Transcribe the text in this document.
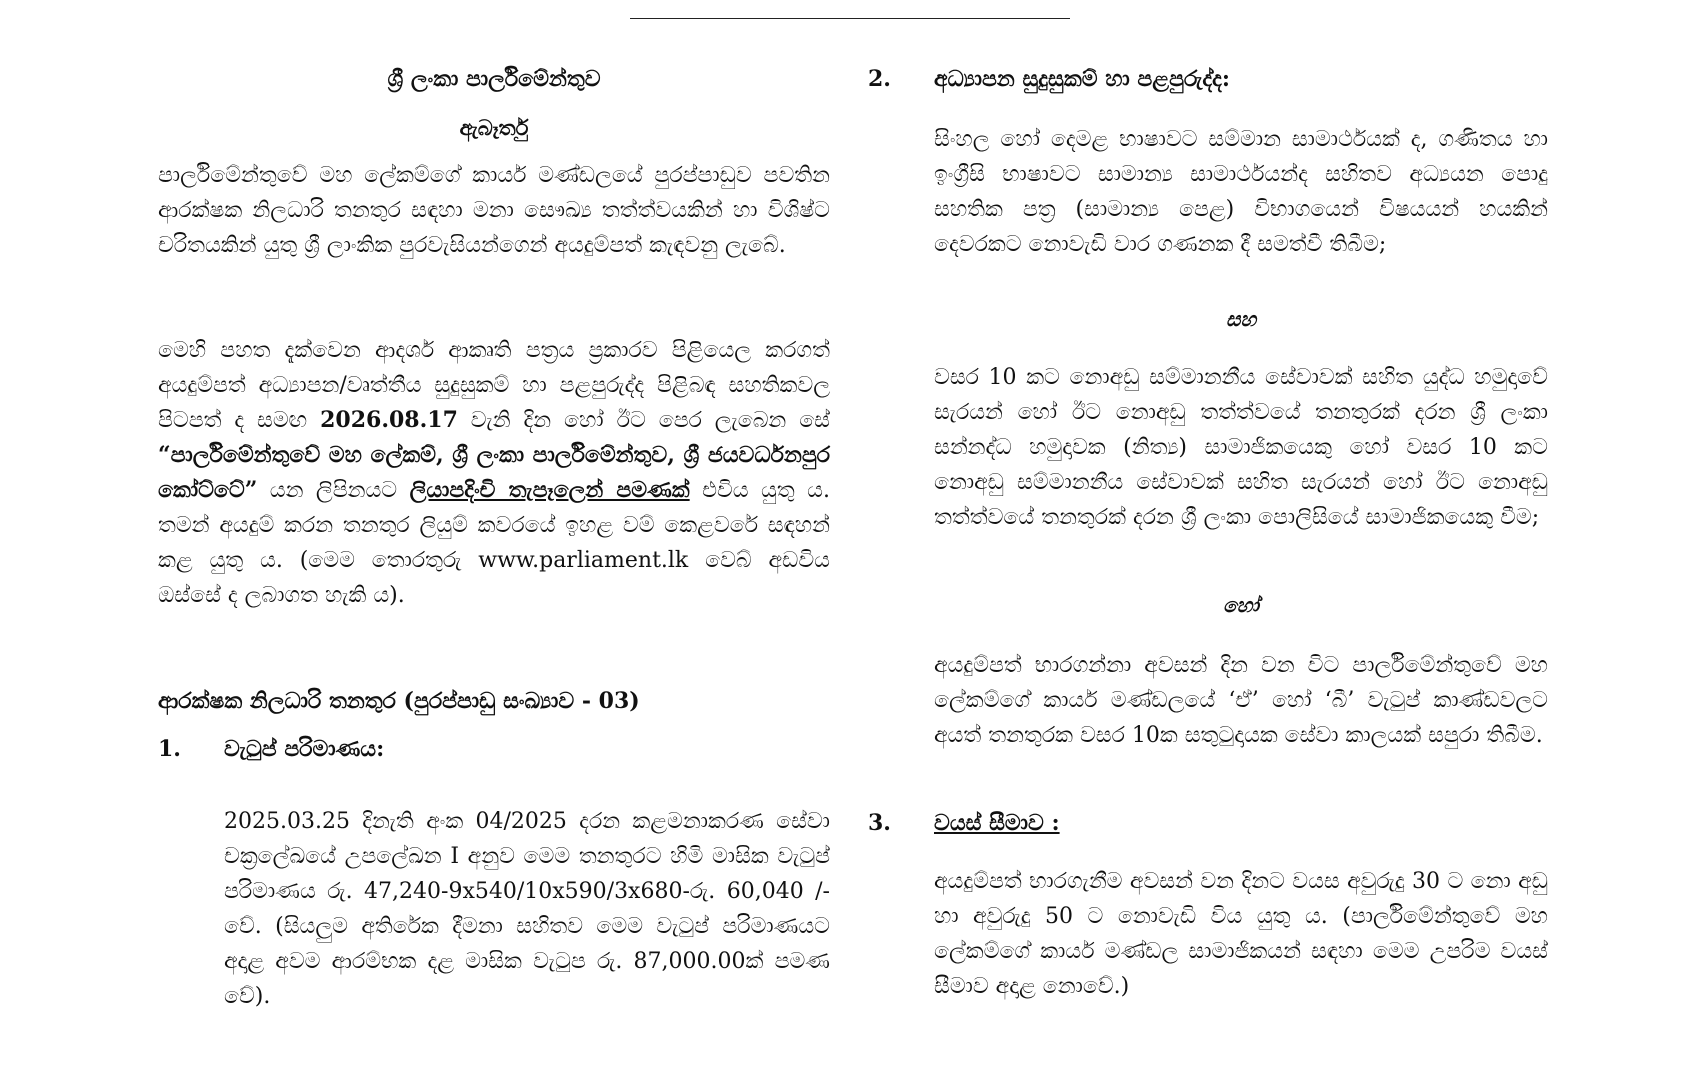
ශ්‍රී ලංකා පාර්ලිමේන්තුව

ඇබෑර්තු

පාර්ලිමේන්තුවේ මහ ලේකම්ගේ කාර්ය මණ්ඩලයේ පුරප්පාඩුව පවතින ආරක්ෂක නිලධාරි තනතුර සඳහා මනා සෞඛ්‍ය තත්ත්වයකින් හා විශිෂ්ට චරිතයකින් යුතු ශ්‍රී ලාංකික පුරවැසියන්ගෙන් අයදුම්පත් කැඳවනු ලැබේ.

මෙහි පහත දැක්වෙන ආදර්ශ ආකෘති පත්‍රය ප්‍රකාරව පිළියෙල කරගත් අයදුම්පත් අධ්‍යාපන/වෘත්තීය සුදුසුකම් හා පළපුරුද්ද පිළිබඳ සහතිකවල පිටපත් ද සමඟ 2026.08.17 වැනි දින හෝ ඊට පෙර ලැබෙන සේ “පාර්ලිමේන්තුවේ මහ ලේකම්, ශ්‍රී ලංකා පාර්ලිමේන්තුව, ශ්‍රී ජයවර්ධනපුර කෝට්ටේ” යන ලිපිනයට ලියාපදිංචි තැපෑලෙන් පමණක් එවිය යුතු ය. තමන් අයදුම් කරන තනතුර ලියුම් කවරයේ ඉහළ වම් කෙළවරේ සඳහන් කළ යුතු ය. (මෙම තොරතුරු www.parliament.lk වෙබ් අඩවිය ඔස්සේ ද ලබාගත හැකි ය).

ආරක්ෂක නිලධාරි තනතුර (පුරප්පාඩු සංඛ්‍යාව - 03)

1. වැටුප් පරිමාණය:

2025.03.25 දිනැති අංක 04/2025 දරන කළමනාකරණ සේවා චක්‍රලේඛයේ උපලේඛන I අනුව මෙම තනතුරට හිමි මාසික වැටුප් පරිමාණය රු. 47,240-9x540/10x590/3x680-රු. 60,040 /- වේ. (සියලුම අතිරේක දීමනා සහිතව මෙම වැටුප් පරිමාණයට අදාළ අවම ආරම්භක දළ මාසික වැටුප රු. 87,000.00ක් පමණ වේ).

2. අධ්‍යාපන සුදුසුකම් හා පළපුරුද්ද:

සිංහල හෝ දෙමළ භාෂාවට සම්මාන සාමාර්ථයක් ද, ගණිතය හා ඉංග්‍රීසි භාෂාවට සාමාන්‍ය සාමාර්ථයන්ද සහිතව අධ්‍යයන පොදු සහතික පත්‍ර (සාමාන්‍ය පෙළ) විභාගයෙන් විෂයයන් හයකින් දෙවරකට නොවැඩි වාර ගණනක දී සමත්වී තිබීම;

සහ

වසර 10 කට නොඅඩු සම්මානනීය සේවාවක් සහිත යුද්ධ හමුදාවේ සැරයන් හෝ ඊට නොඅඩු තත්ත්වයේ තනතුරක් දරන ශ්‍රී ලංකා සන්නද්ධ හමුදාවක (නිත්‍ය) සාමාජිකයෙකු හෝ වසර 10 කට නොඅඩු සම්මානනීය සේවාවක් සහිත සැරයන් හෝ ඊට නොඅඩු තත්ත්වයේ තනතුරක් දරන ශ්‍රී ලංකා පොලිසියේ සාමාජිකයෙකු වීම;

හෝ

අයදුම්පත් භාරගන්නා අවසන් දින වන විට පාර්ලිමේන්තුවේ මහ ලේකම්ගේ කාර්ය මණ්ඩලයේ ‘ඒ’ හෝ ‘බී’ වැටුප් කාණ්ඩවලට අයත් තනතුරක වසර 10ක සතුටුදායක සේවා කාලයක් සපුරා තිබීම.

3. වයස් සීමාව :

අයදුම්පත් භාරගැනීම අවසන් වන දිනට වයස අවුරුදු 30 ට නො අඩු හා අවුරුදු 50 ට නොවැඩි විය යුතු ය. (පාර්ලිමේන්තුවේ මහ ලේකම්ගේ කාර්ය මණ්ඩල සාමාජිකයන් සඳහා මෙම උපරිම වයස් සීමාව අදාළ නොවේ.)
